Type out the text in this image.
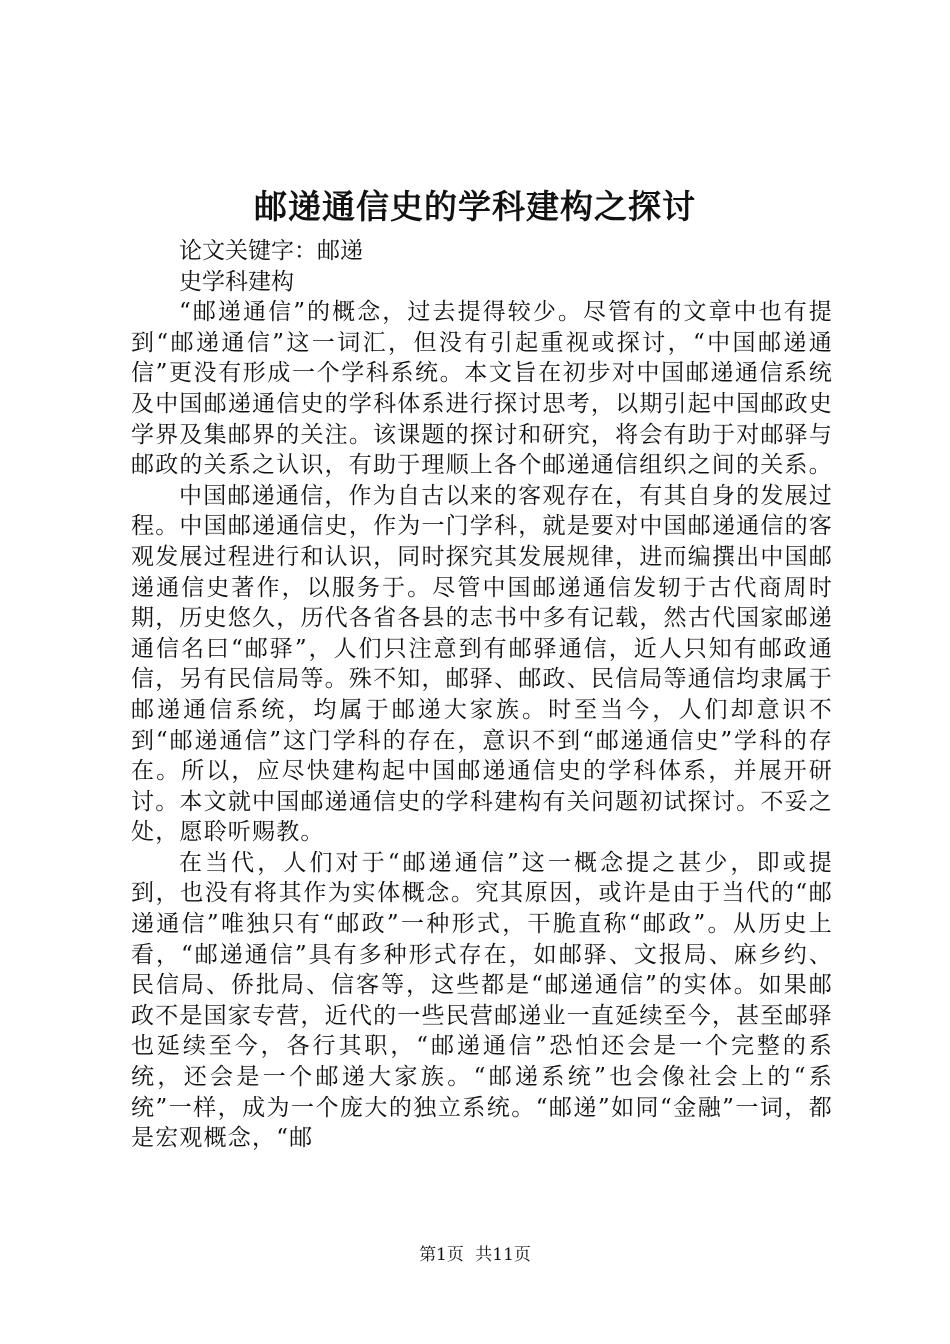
邮递通信史的学科建构之探讨

论文关键字：邮递

史学科建构

“邮递通信”的概念，过去提得较少。尽管有的文章中也有提到“邮递通信”这一词汇，但没有引起重视或探讨，“中国邮递通信”更没有形成一个学科系统。本文旨在初步对中国邮递通信系统及中国邮递通信史的学科体系进行探讨思考，以期引起中国邮政史学界及集邮界的关注。该课题的探讨和研究，将会有助于对邮驿与邮政的关系之认识，有助于理顺上各个邮递通信组织之间的关系。

中国邮递通信，作为自古以来的客观存在，有其自身的发展过程。中国邮递通信史，作为一门学科，就是要对中国邮递通信的客观发展过程进行和认识，同时探究其发展规律，进而编撰出中国邮递通信史著作，以服务于。尽管中国邮递通信发轫于古代商周时期，历史悠久，历代各省各县的志书中多有记载，然古代国家邮递通信名曰“邮驿”，人们只注意到有邮驿通信，近人只知有邮政通信，另有民信局等。殊不知，邮驿、邮政、民信局等通信均隶属于邮递通信系统，均属于邮递大家族。时至当今，人们却意识不到“邮递通信”这门学科的存在，意识不到“邮递通信史”学科的存在。所以，应尽快建构起中国邮递通信史的学科体系，并展开研讨。本文就中国邮递通信史的学科建构有关问题初试探讨。不妥之处，愿聆听赐教。

在当代，人们对于“邮递通信”这一概念提之甚少，即或提到，也没有将其作为实体概念。究其原因，或许是由于当代的“邮递通信”唯独只有“邮政”一种形式，干脆直称“邮政”。从历史上看，“邮递通信”具有多种形式存在，如邮驿、文报局、麻乡约、民信局、侨批局、信客等，这些都是“邮递通信”的实体。如果邮政不是国家专营，近代的一些民营邮递业一直延续至今，甚至邮驿也延续至今，各行其职，“邮递通信”恐怕还会是一个完整的系统，还会是一个邮递大家族。“邮递系统”也会像社会上的“系统”一样，成为一个庞大的独立系统。“邮递”如同“金融”一词，都是宏观概念，“邮

第1页 共11页
